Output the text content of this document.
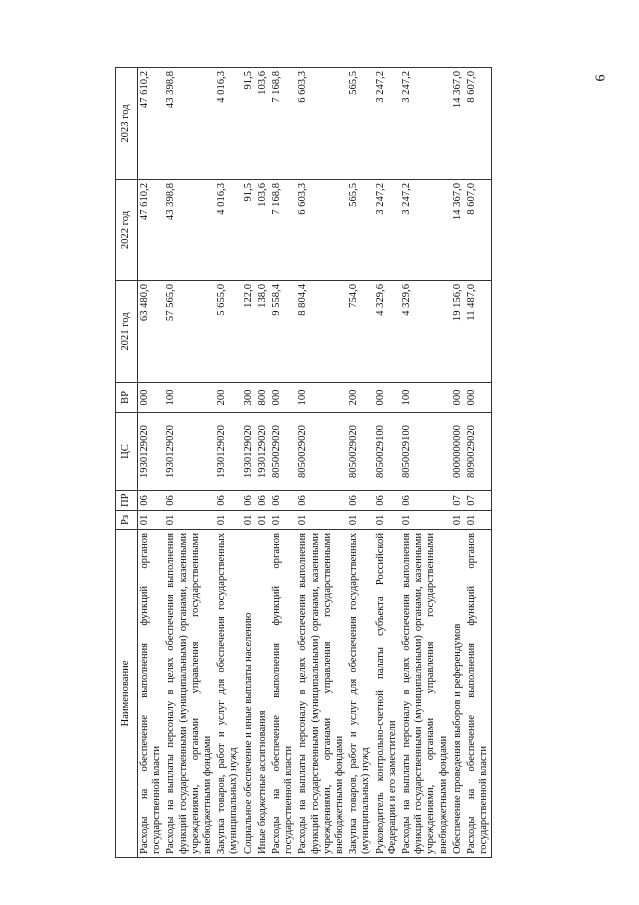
6
Наименование	Рз	ПР	ЦС	ВР	2021 год	2022 год	2023 год
Расходы на обеспечение выполнения функций органов государственной власти	01	06	1930129020	000	63 480,0	47 610,2	47 610,2
Расходы на выплаты персоналу в целях обеспечения выполнения функций государственными (муниципальными) органами, казенными учреждениями, органами управления государственными внебюджетными фондами	01	06	1930129020	100	57 565,0	43 398,8	43 398,8
Закупка товаров, работ и услуг для обеспечения государственных (муниципальных) нужд	01	06	1930129020	200	5 655,0	4 016,3	4 016,3
Социальное обеспечение и иные выплаты населению	01	06	1930129020	300	122,0	91,5	91,5
Иные бюджетные ассигнования	01	06	1930129020	800	138,0	103,6	103,6
Расходы на обеспечение выполнения функций органов государственной власти	01	06	8050029020	000	9 558,4	7 168,8	7 168,8
Расходы на выплаты персоналу в целях обеспечения выполнения функций государственными (муниципальными) органами, казенными учреждениями, органами управления государственными внебюджетными фондами	01	06	8050029020	100	8 804,4	6 603,3	6 603,3
Закупка товаров, работ и услуг для обеспечения государственных (муниципальных) нужд	01	06	8050029020	200	754,0	565,5	565,5
Руководитель контрольно-счетной палаты субъекта Российской Федерации и его заместители	01	06	8050029100	000	4 329,6	3 247,2	3 247,2
Расходы на выплаты персоналу в целях обеспечения выполнения функций государственными (муниципальными) органами, казенными учреждениями, органами управления государственными внебюджетными фондами	01	06	8050029100	100	4 329,6	3 247,2	3 247,2
Обеспечение проведения выборов и референдумов	01	07	0000000000	000	19 156,0	14 367,0	14 367,0
Расходы на обеспечение выполнения функций органов государственной власти	01	07	8090029020	000	11 487,0	8 607,0	8 607,0
